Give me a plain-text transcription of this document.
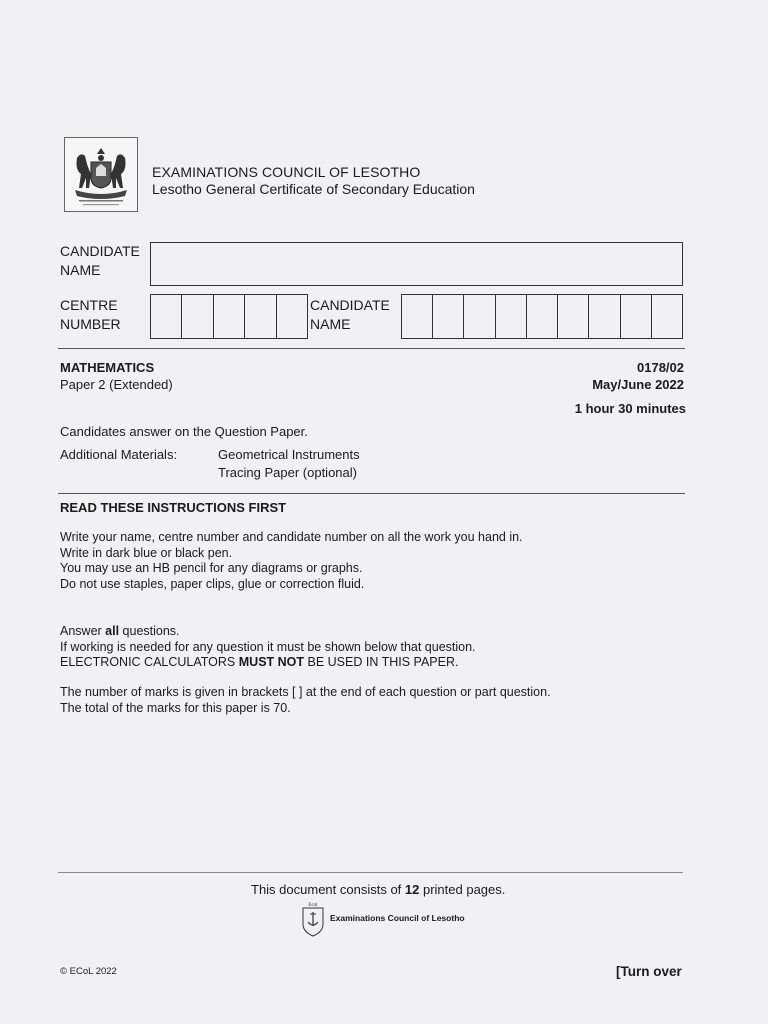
EXAMINATIONS COUNCIL OF LESOTHO
Lesotho General Certificate of Secondary Education
CANDIDATE
NAME
CENTRE
NUMBER
CANDIDATE
NAME
MATHEMATICS
Paper 2 (Extended)
0178/02
May/June 2022
1 hour 30 minutes
Candidates answer on the Question Paper.
Additional Materials:	Geometrical Instruments
Tracing Paper (optional)
READ THESE INSTRUCTIONS FIRST
Write your name, centre number and candidate number on all the work you hand in.
Write in dark blue or black pen.
You may use an HB pencil for any diagrams or graphs.
Do not use staples, paper clips, glue or correction fluid.
Answer all questions.
If working is needed for any question it must be shown below that question.
ELECTRONIC CALCULATORS MUST NOT BE USED IN THIS PAPER.
The number of marks is given in brackets [ ] at the end of each question or part question.
The total of the marks for this paper is 70.
This document consists of 12 printed pages.
Ecol
Examinations Council of Lesotho
© ECoL 2022	[Turn over
